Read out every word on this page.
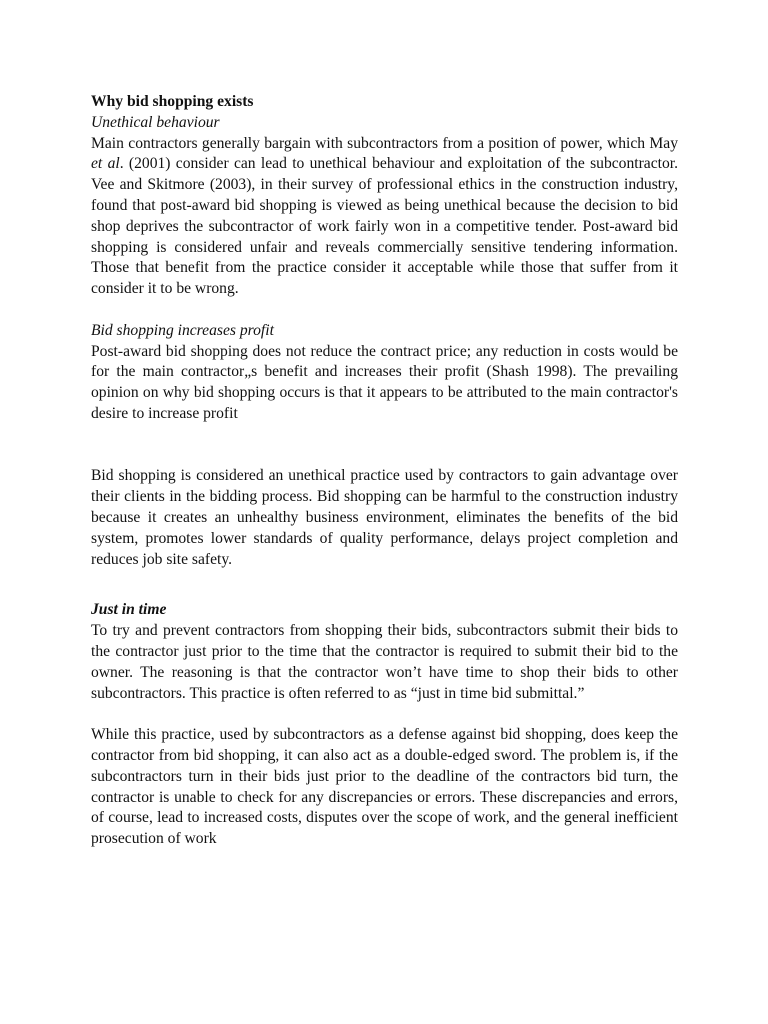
Why bid shopping exists

Unethical behaviour

Main contractors generally bargain with subcontractors from a position of power, which May et al. (2001) consider can lead to unethical behaviour and exploitation of the subcontractor. Vee and Skitmore (2003), in their survey of professional ethics in the construction industry, found that post-award bid shopping is viewed as being unethical because the decision to bid shop deprives the subcontractor of work fairly won in a competitive tender. Post-award bid shopping is considered unfair and reveals commercially sensitive tendering information. Those that benefit from the practice consider it acceptable while those that suffer from it consider it to be wrong.

Bid shopping increases profit

Post-award bid shopping does not reduce the contract price; any reduction in costs would be for the main contractor„s benefit and increases their profit (Shash 1998). The prevailing opinion on why bid shopping occurs is that it appears to be attributed to the main contractor's desire to increase profit

Bid shopping is considered an unethical practice used by contractors to gain advantage over their clients in the bidding process. Bid shopping can be harmful to the construction industry because it creates an unhealthy business environment, eliminates the benefits of the bid system, promotes lower standards of quality performance, delays project completion and reduces job site safety.

Just in time

To try and prevent contractors from shopping their bids, subcontractors submit their bids to the contractor just prior to the time that the contractor is required to submit their bid to the owner. The reasoning is that the contractor won’t have time to shop their bids to other subcontractors. This practice is often referred to as “just in time bid submittal.”

While this practice, used by subcontractors as a defense against bid shopping, does keep the contractor from bid shopping, it can also act as a double-edged sword. The problem is, if the subcontractors turn in their bids just prior to the deadline of the contractors bid turn, the contractor is unable to check for any discrepancies or errors. These discrepancies and errors, of course, lead to increased costs, disputes over the scope of work, and the general inefficient prosecution of work
